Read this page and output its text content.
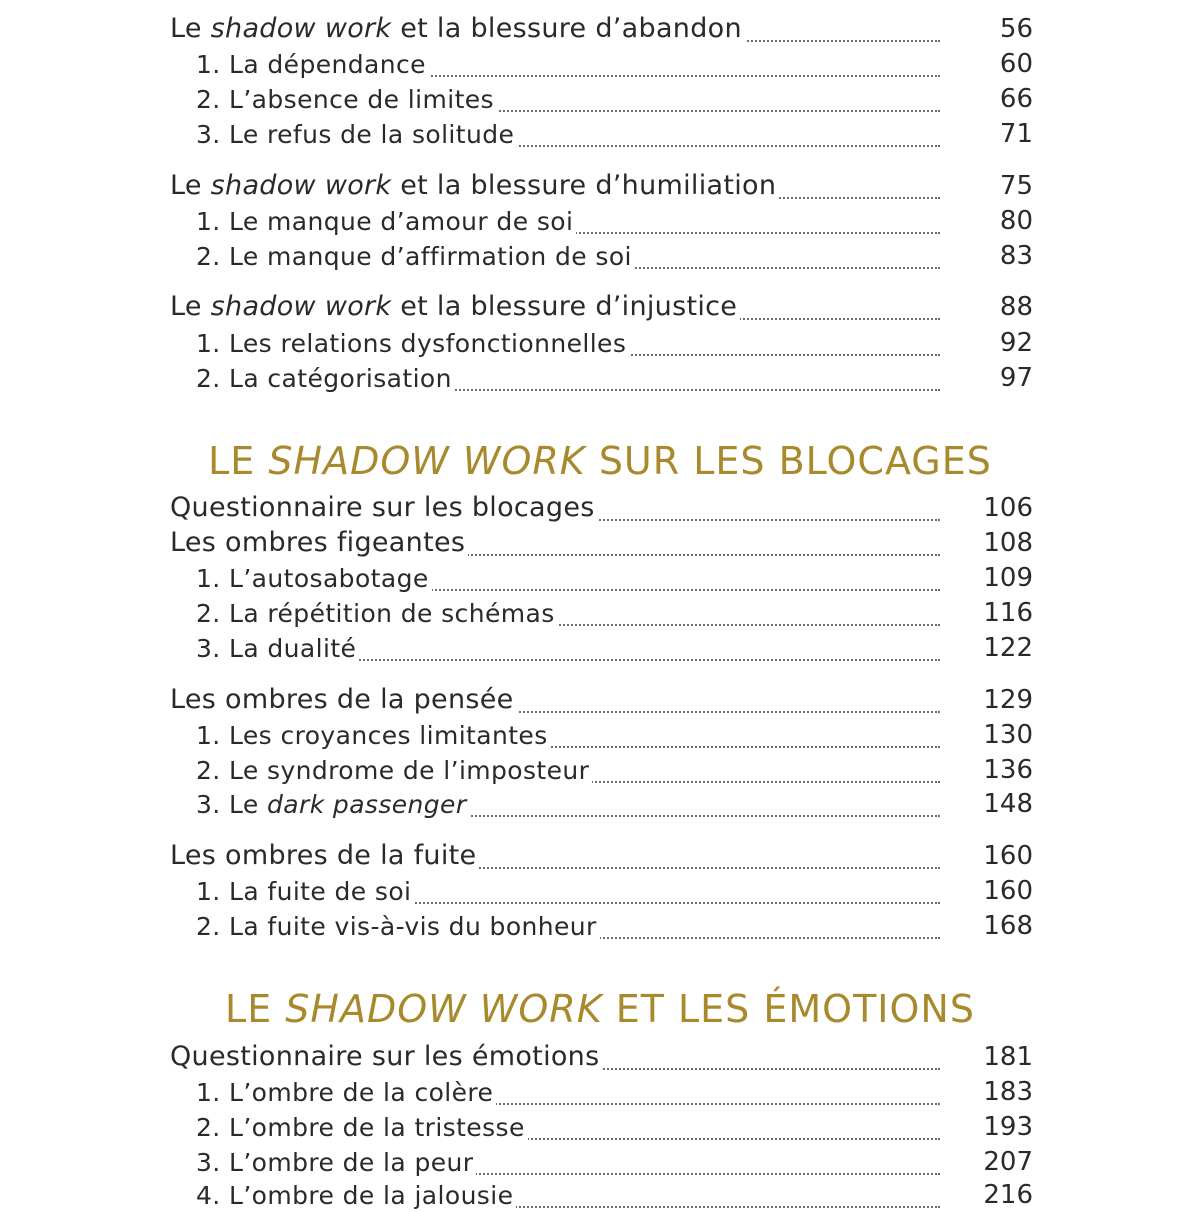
Le shadow work et la blessure d’abandon	56
1. La dépendance	60
2. L’absence de limites	66
3. Le refus de la solitude	71
Le shadow work et la blessure d’humiliation	75
1. Le manque d’amour de soi	80
2. Le manque d’affirmation de soi	83
Le shadow work et la blessure d’injustice	88
1. Les relations dysfonctionnelles	92
2. La catégorisation	97
LE SHADOW WORK SUR LES BLOCAGES
Questionnaire sur les blocages	106
Les ombres figeantes	108
1. L’autosabotage	109
2. La répétition de schémas	116
3. La dualité	122
Les ombres de la pensée	129
1. Les croyances limitantes	130
2. Le syndrome de l’imposteur	136
3. Le dark passenger	148
Les ombres de la fuite	160
1. La fuite de soi	160
2. La fuite vis-à-vis du bonheur	168
LE SHADOW WORK ET LES ÉMOTIONS
Questionnaire sur les émotions	181
1. L’ombre de la colère	183
2. L’ombre de la tristesse	193
3. L’ombre de la peur	207
4. L’ombre de la jalousie	216
